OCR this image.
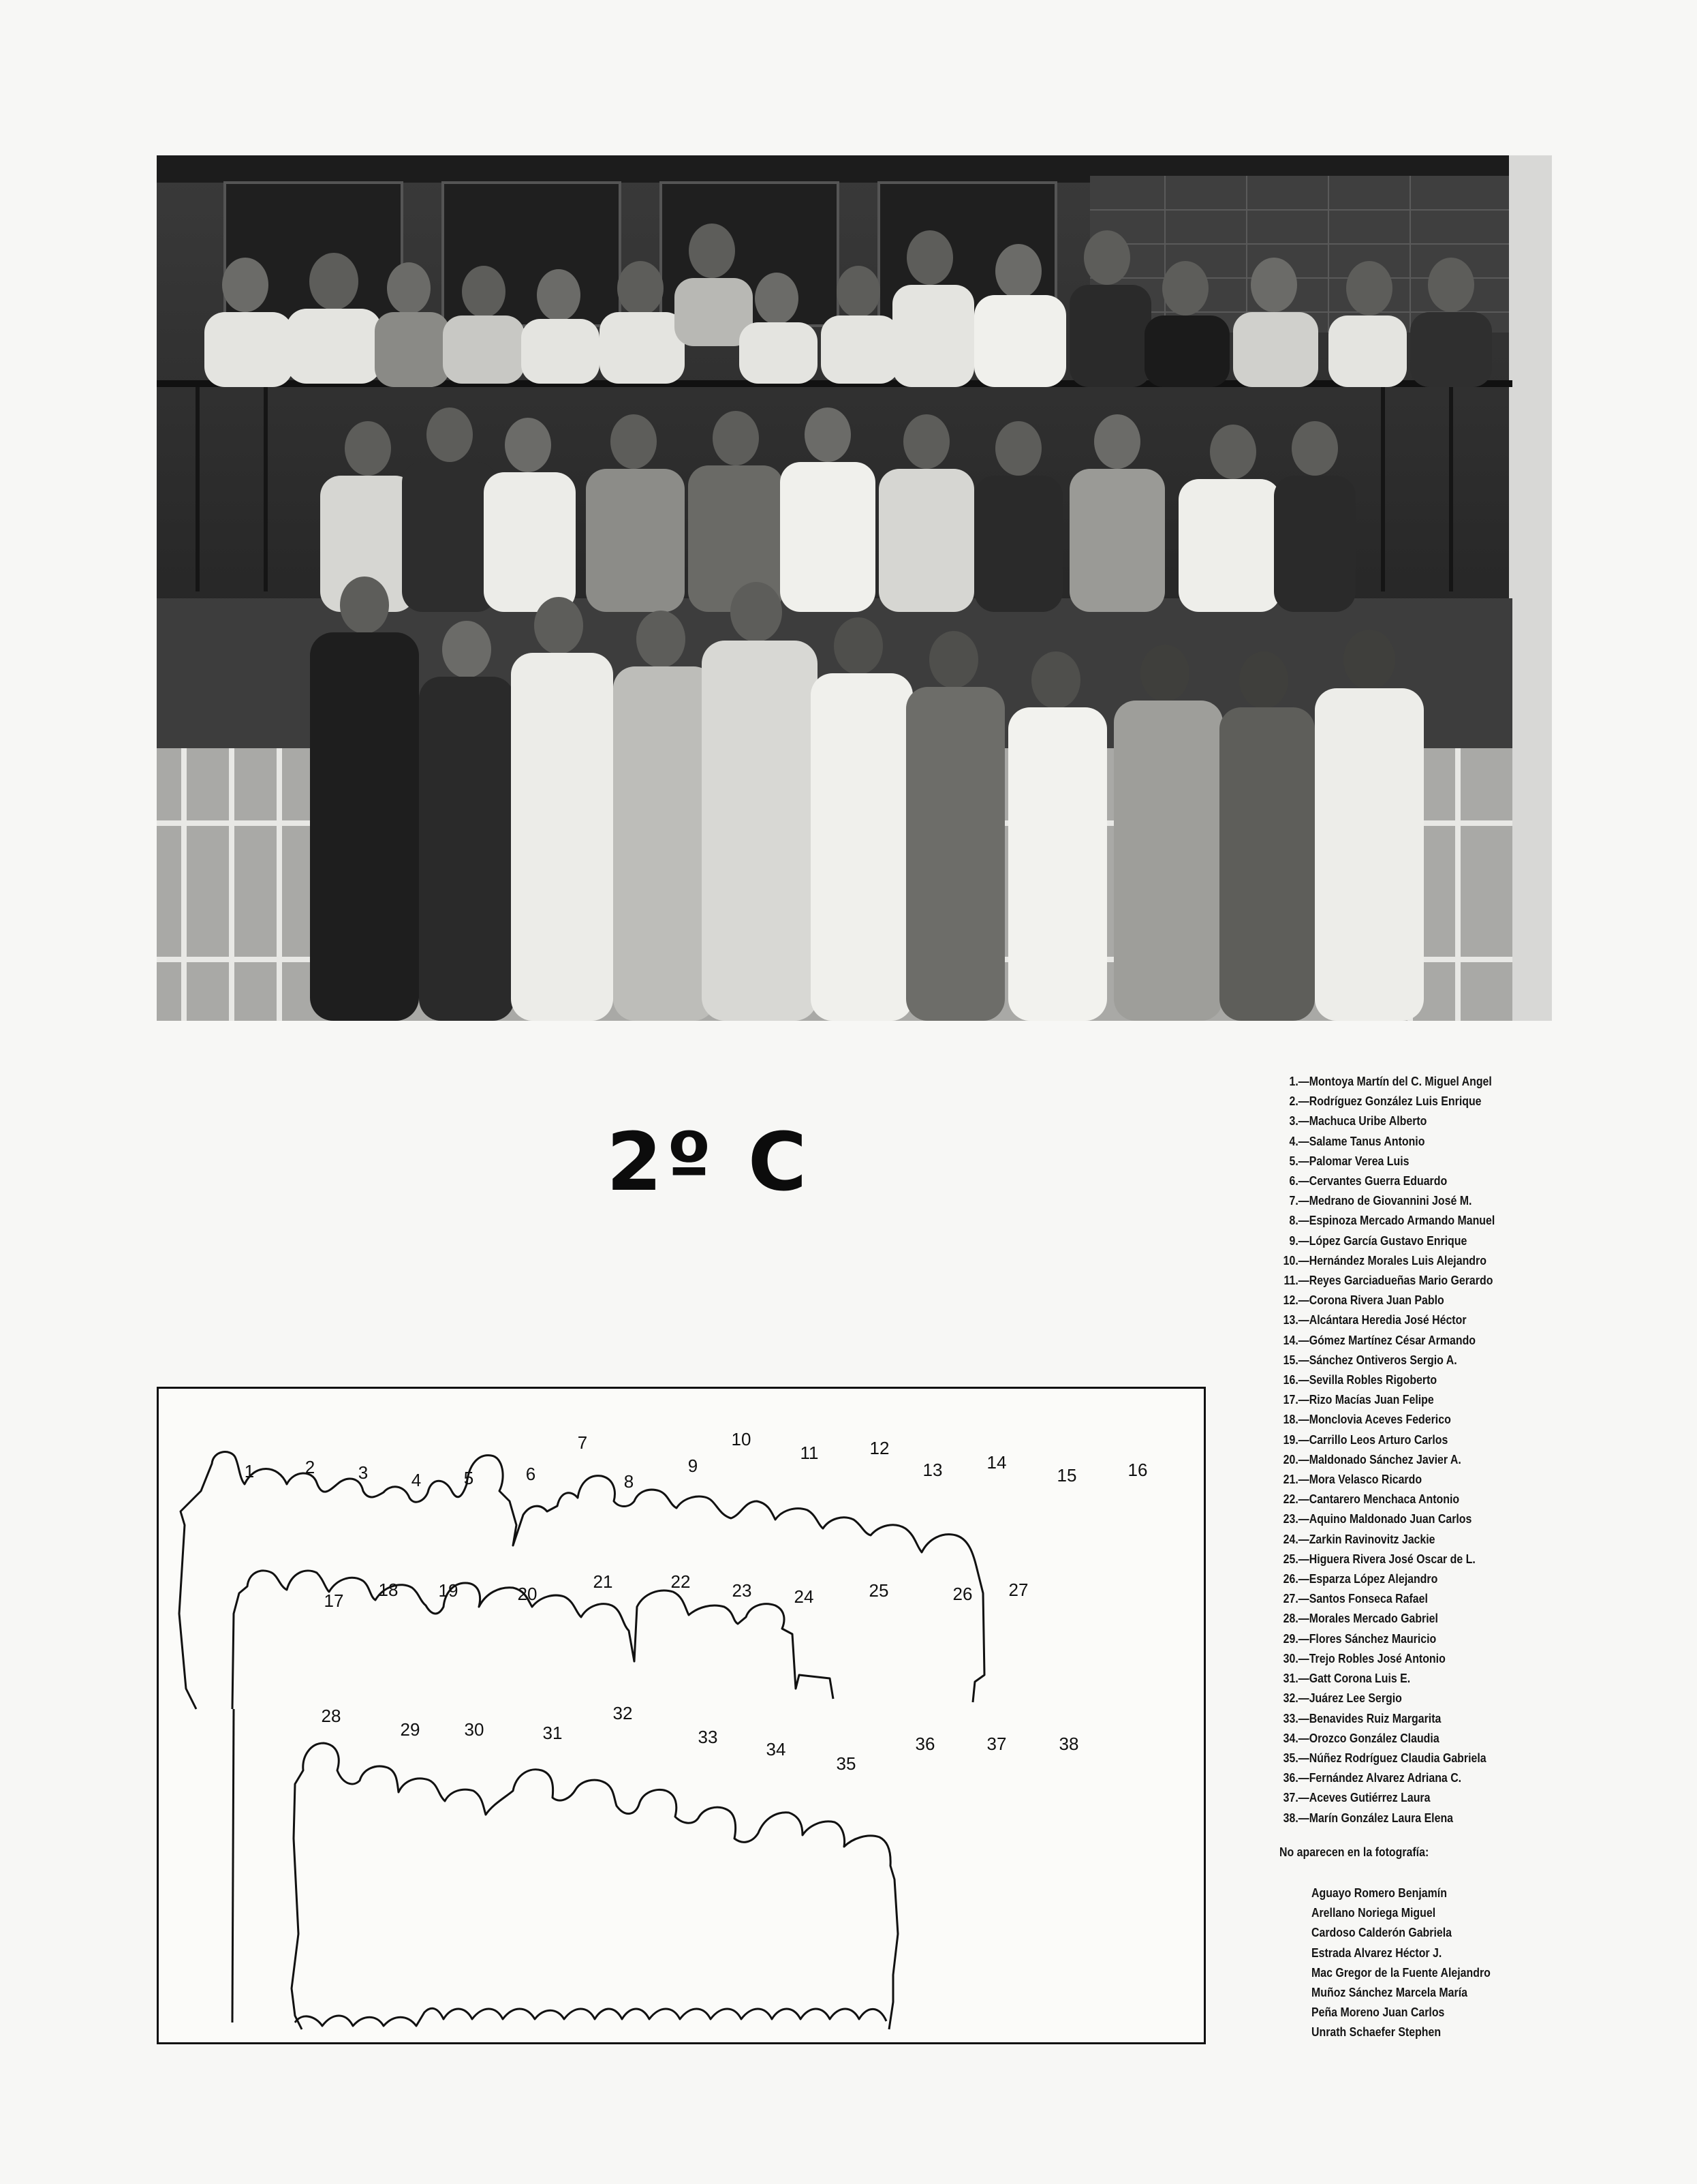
2º C
1	2 3 4 5	6
7
8
9
10
11	12
13	14
15	16
17
18 19	20
21	22 23 24	25	26 27
28
29	30	31
32
33
34
35
36	37	38
1.—Montoya Martín del C. Miguel Angel
2.—Rodríguez González Luis Enrique
3.—Machuca Uribe Alberto
4.—Salame Tanus Antonio
5.—Palomar Verea Luis
6.—Cervantes Guerra Eduardo
7.—Medrano de Giovannini José M.
8.—Espinoza Mercado Armando Manuel
9.—López García Gustavo Enrique
10.—Hernández Morales Luis Alejandro
11.—Reyes Garciadueñas Mario Gerardo
12.—Corona Rivera Juan Pablo
13.—Alcántara Heredia José Héctor
14.—Gómez Martínez César Armando
15.—Sánchez Ontiveros Sergio A.
16.—Sevilla Robles Rigoberto
17.—Rizo Macías Juan Felipe
18.—Monclovia Aceves Federico
19.—Carrillo Leos Arturo Carlos
20.—Maldonado Sánchez Javier A.
21.—Mora Velasco Ricardo
22.—Cantarero Menchaca Antonio
23.—Aquino Maldonado Juan Carlos
24.—Zarkin Ravinovitz Jackie
25.—Higuera Rivera José Oscar de L.
26.—Esparza López Alejandro
27.—Santos Fonseca Rafael
28.—Morales Mercado Gabriel
29.—Flores Sánchez Mauricio
30.—Trejo Robles José Antonio
31.—Gatt Corona Luis E.
32.—Juárez Lee Sergio
33.—Benavides Ruiz Margarita
34.—Orozco González Claudia
35.—Núñez Rodríguez Claudia Gabriela
36.—Fernández Alvarez Adriana C.
37.—Aceves Gutiérrez Laura
38.—Marín González Laura Elena
No aparecen en la fotografía:
Aguayo Romero Benjamín
Arellano Noriega Miguel
Cardoso Calderón Gabriela
Estrada Alvarez Héctor J.
Mac Gregor de la Fuente Alejandro
Muñoz Sánchez Marcela María
Peña Moreno Juan Carlos
Unrath Schaefer Stephen
